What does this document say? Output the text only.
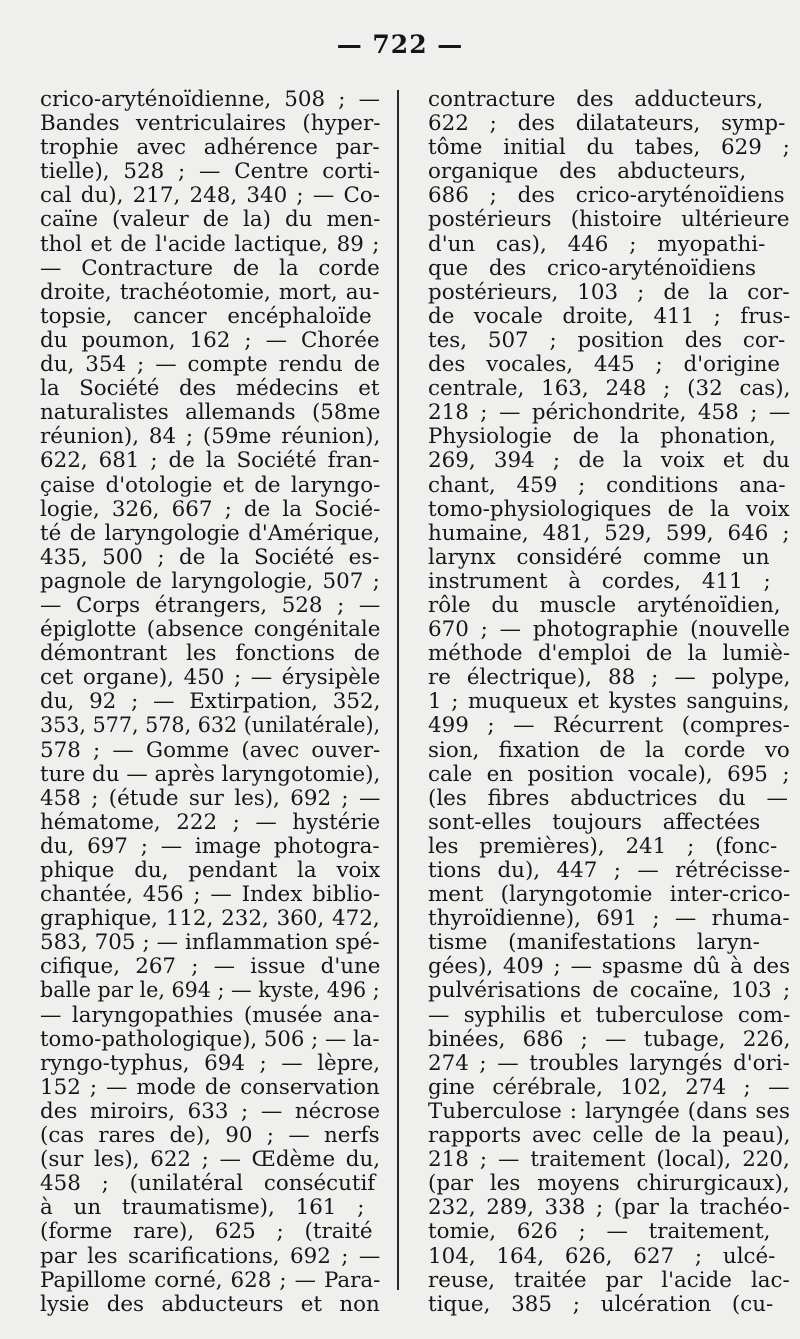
— 722 —
crico-aryténoïdienne, 508 ; —
Bandes ventriculaires (hyper-
trophie avec adhérence par-
tielle), 528 ; — Centre corti-
cal du), 217, 248, 340 ; — Co-
caïne (valeur de la) du men-
thol et de l'acide lactique, 89 ;
— Contracture de la corde
droite, trachéotomie, mort, au-
topsie, cancer encéphaloïde
du poumon, 162 ; — Chorée
du, 354 ; — compte rendu de
la Société des médecins et
naturalistes allemands (58me
réunion), 84 ; (59me réunion),
622, 681 ; de la Société fran-
çaise d'otologie et de laryngo-
logie, 326, 667 ; de la Socié-
té de laryngologie d'Amérique,
435, 500 ; de la Société es-
pagnole de laryngologie, 507 ;
— Corps étrangers, 528 ; —
épiglotte (absence congénitale
démontrant les fonctions de
cet organe), 450 ; — érysipèle
du, 92 ; — Extirpation, 352,
353, 577, 578, 632 (unilatérale),
578 ; — Gomme (avec ouver-
ture du — après laryngotomie),
458 ; (étude sur les), 692 ; —
hématome, 222 ; — hystérie
du, 697 ; — image photogra-
phique du, pendant la voix
chantée, 456 ; — Index biblio-
graphique, 112, 232, 360, 472,
583, 705 ; — inflammation spé-
cifique, 267 ; — issue d'une
balle par le, 694 ; — kyste, 496 ;
— laryngopathies (musée ana-
tomo-pathologique), 506 ; — la-
ryngo-typhus, 694 ; — lèpre,
152 ; — mode de conservation
des miroirs, 633 ; — nécrose
(cas rares de), 90 ; — nerfs
(sur les), 622 ; — Œdème du,
458 ; (unilatéral consécutif
à un traumatisme), 161 ;
(forme rare), 625 ; (traité
par les scarifications, 692 ; —
Papillome corné, 628 ; — Para-
lysie des abducteurs et non
contracture des adducteurs,
622 ; des dilatateurs, symp-
tôme initial du tabes, 629 ;
organique des abducteurs,
686 ; des crico-aryténoïdiens
postérieurs (histoire ultérieure
d'un cas), 446 ; myopathi-
que des crico-aryténoïdiens
postérieurs, 103 ; de la cor-
de vocale droite, 411 ; frus-
tes, 507 ; position des cor-
des vocales, 445 ; d'origine
centrale, 163, 248 ; (32 cas),
218 ; — périchondrite, 458 ; —
Physiologie de la phonation,
269, 394 ; de la voix et du
chant, 459 ; conditions ana-
tomo-physiologiques de la voix
humaine, 481, 529, 599, 646 ;
larynx considéré comme un
instrument à cordes, 411 ;
rôle du muscle aryténoïdien,
670 ; — photographie (nouvelle
méthode d'emploi de la lumiè-
re électrique), 88 ; — polype,
1 ; muqueux et kystes sanguins,
499 ; — Récurrent (compres-
sion, fixation de la corde vo
cale en position vocale), 695 ;
(les fibres abductrices du —
sont-elles toujours affectées
les premières), 241 ; (fonc-
tions du), 447 ; — rétrécisse-
ment (laryngotomie inter-crico-
thyroïdienne), 691 ; — rhuma-
tisme (manifestations laryn-
gées), 409 ; — spasme dû à des
pulvérisations de cocaïne, 103 ;
— syphilis et tuberculose com-
binées, 686 ; — tubage, 226,
274 ; — troubles laryngés d'ori-
gine cérébrale, 102, 274 ; —
Tuberculose : laryngée (dans ses
rapports avec celle de la peau),
218 ; — traitement (local), 220,
(par les moyens chirurgicaux),
232, 289, 338 ; (par la trachéo-
tomie, 626 ; — traitement,
104, 164, 626, 627 ; ulcé-
reuse, traitée par l'acide lac-
tique, 385 ; ulcération (cu-
